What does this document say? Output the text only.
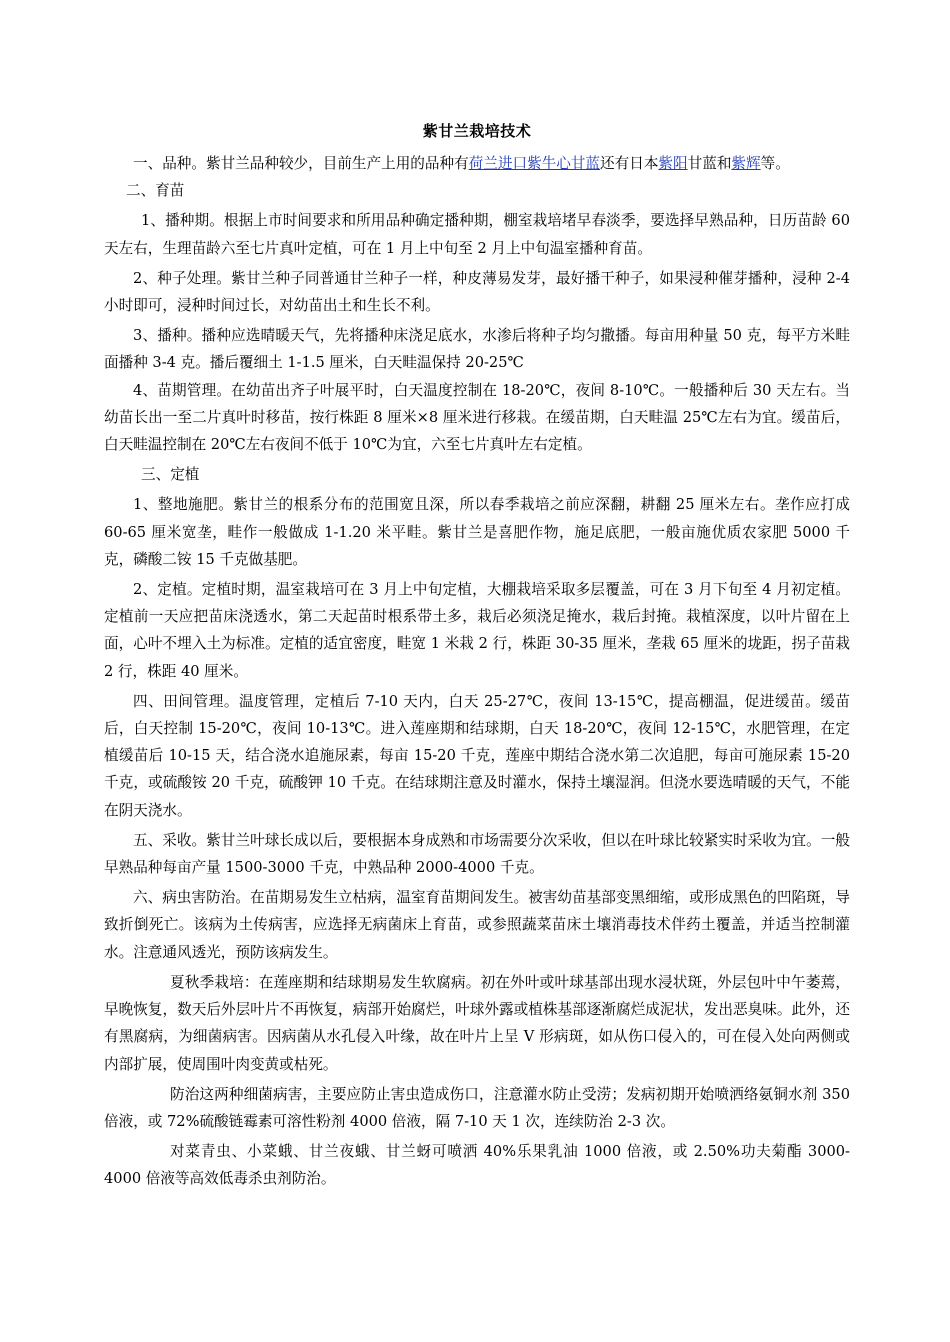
紫甘兰栽培技术

一、品种。紫甘兰品种较少，目前生产上用的品种有荷兰进口紫牛心甘蓝还有日本紫阳甘蓝和紫辉等。

二、育苗

1、播种期。根据上市时间要求和所用品种确定播种期，棚室栽培堵早春淡季，要选择早熟品种，日历苗龄 60 天左右，生理苗龄六至七片真叶定植，可在 1 月上中旬至 2 月上中旬温室播种育苗。

2、种子处理。紫甘兰种子同普通甘兰种子一样，种皮薄易发芽，最好播干种子，如果浸种催芽播种，浸种 2-4 小时即可，浸种时间过长，对幼苗出土和生长不利。

3、播种。播种应选晴暖天气，先将播种床浇足底水，水渗后将种子均匀撒播。每亩用种量 50 克，每平方米畦面播种 3-4 克。播后覆细土 1-1.5 厘米，白天畦温保持 20-25℃

4、苗期管理。在幼苗出齐子叶展平时，白天温度控制在 18-20℃，夜间 8-10℃。一般播种后 30 天左右。当幼苗长出一至二片真叶时移苗，按行株距 8 厘米×8 厘米进行移栽。在缓苗期，白天畦温 25℃左右为宜。缓苗后，白天畦温控制在 20℃左右夜间不低于 10℃为宜，六至七片真叶左右定植。

三、定植

1、整地施肥。紫甘兰的根系分布的范围宽且深，所以春季栽培之前应深翻，耕翻 25 厘米左右。垄作应打成 60-65 厘米宽垄，畦作一般做成 1-1.20 米平畦。紫甘兰是喜肥作物，施足底肥，一般亩施优质农家肥 5000 千克，磷酸二铵 15 千克做基肥。

2、定植。定植时期，温室栽培可在 3 月上中旬定植，大棚栽培采取多层覆盖，可在 3 月下旬至 4 月初定植。定植前一天应把苗床浇透水，第二天起苗时根系带土多，栽后必须浇足掩水，栽后封掩。栽植深度，以叶片留在上面，心叶不埋入土为标准。定植的适宜密度，畦宽 1 米栽 2 行，株距 30-35 厘米，垄栽 65 厘米的垅距，拐子苗栽 2 行，株距 40 厘米。

四、田间管理。温度管理，定植后 7-10 天内，白天 25-27℃，夜间 13-15℃，提高棚温，促进缓苗。缓苗后，白天控制 15-20℃，夜间 10-13℃。进入莲座期和结球期，白天 18-20℃，夜间 12-15℃，水肥管理，在定植缓苗后 10-15 天，结合浇水追施尿素，每亩 15-20 千克，莲座中期结合浇水第二次追肥，每亩可施尿素 15-20 千克，或硫酸铵 20 千克，硫酸钾 10 千克。在结球期注意及时灌水，保持土壤湿润。但浇水要选晴暖的天气，不能在阴天浇水。

五、采收。紫甘兰叶球长成以后，要根据本身成熟和市场需要分次采收，但以在叶球比较紧实时采收为宜。一般早熟品种每亩产量 1500-3000 千克，中熟品种 2000-4000 千克。

六、病虫害防治。在苗期易发生立枯病，温室育苗期间发生。被害幼苗基部变黑细缩，或形成黑色的凹陷斑，导致折倒死亡。该病为土传病害，应选择无病菌床上育苗，或参照蔬菜苗床土壤消毒技术伴药土覆盖，并适当控制灌水。注意通风透光，预防该病发生。

夏秋季栽培：在莲座期和结球期易发生软腐病。初在外叶或叶球基部出现水浸状斑，外层包叶中午萎蔫，早晚恢复，数天后外层叶片不再恢复，病部开始腐烂，叶球外露或植株基部逐渐腐烂成泥状，发出恶臭味。此外，还有黑腐病，为细菌病害。因病菌从水孔侵入叶缘，故在叶片上呈 V 形病斑，如从伤口侵入的，可在侵入处向两侧或内部扩展，使周围叶肉变黄或枯死。

防治这两种细菌病害，主要应防止害虫造成伤口，注意灌水防止受涝；发病初期开始喷洒络氨铜水剂 350 倍液，或 72%硫酸链霉素可溶性粉剂 4000 倍液，隔 7-10 天 1 次，连续防治 2-3 次。

对菜青虫、小菜蛾、甘兰夜蛾、甘兰蚜可喷洒 40%乐果乳油 1000 倍液，或 2.50%功夫菊酯 3000-4000 倍液等高效低毒杀虫剂防治。
